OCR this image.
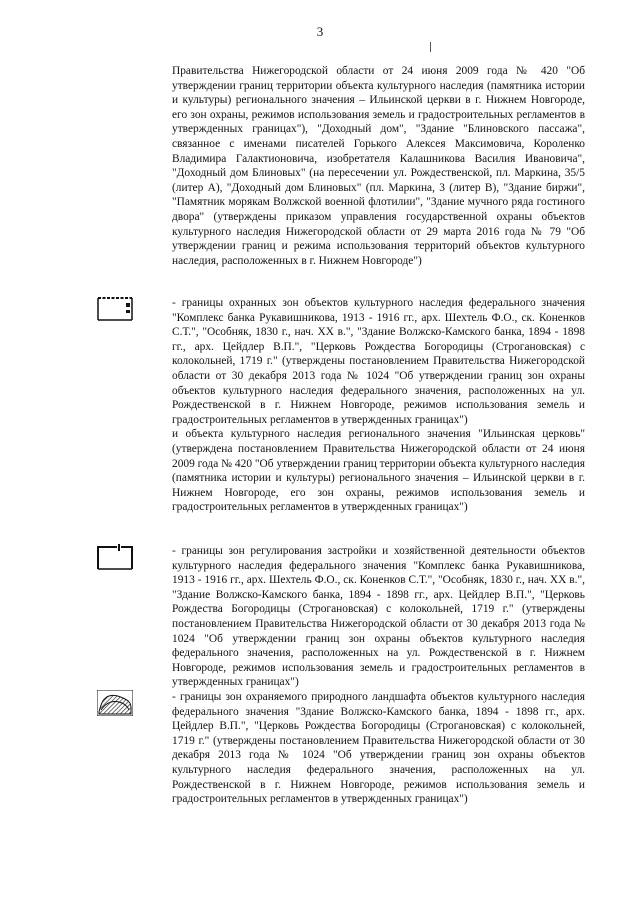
3

Правительства Нижегородской области от 24 июня 2009 года № 420 "Об утверждении границ территории объекта культурного наследия (памятника истории и культуры) регионального значения – Ильинской церкви в г. Нижнем Новгороде, его зон охраны, режимов использования земель и градостроительных регламентов в утвержденных границах"), "Доходный дом", "Здание "Блиновского пассажа", связанное с именами писателей Горького Алексея Максимовича, Короленко Владимира Галактионовича, изобретателя Калашникова Василия Ивановича", "Доходный дом Блиновых" (на пересечении ул. Рождественской, пл. Маркина, 35/5 (литер А), "Доходный дом Блиновых" (пл. Маркина, 3 (литер В), "Здание биржи", "Памятник морякам Волжской военной флотилии", "Здание мучного ряда гостиного двора" (утверждены приказом управления государственной охраны объектов культурного наследия Нижегородской области от 29 марта 2016 года № 79 "Об утверждении границ и режима использования территорий объектов культурного наследия, расположенных в г. Нижнем Новгороде")

- границы охранных зон объектов культурного наследия федерального значения "Комплекс банка Рукавишникова, 1913 - 1916 гг., арх. Шехтель Ф.О., ск. Коненков С.Т.", "Особняк, 1830 г., нач. XX в.", "Здание Волжско-Камского банка, 1894 - 1898 гг., арх. Цейдлер В.П.", "Церковь Рождества Богородицы (Строгановская) с колокольней, 1719 г." (утверждены постановлением Правительства Нижегородской области от 30 декабря 2013 года № 1024 "Об утверждении границ зон охраны объектов культурного наследия федерального значения, расположенных на ул. Рождественской в г. Нижнем Новгороде, режимов использования земель и градостроительных регламентов в утвержденных границах")

и объекта культурного наследия регионального значения "Ильинская церковь" (утверждена постановлением Правительства Нижегородской области от 24 июня 2009 года № 420 "Об утверждении границ территории объекта культурного наследия (памятника истории и культуры) регионального значения – Ильинской церкви в г. Нижнем Новгороде, его зон охраны, режимов использования земель и градостроительных регламентов в утвержденных границах")

- границы зон регулирования застройки и хозяйственной деятельности объектов культурного наследия федерального значения "Комплекс банка Рукавишникова, 1913 - 1916 гг., арх. Шехтель Ф.О., ск. Коненков С.Т.", "Особняк, 1830 г., нач. XX в.", "Здание Волжско-Камского банка, 1894 - 1898 гг., арх. Цейдлер В.П.", "Церковь Рождества Богородицы (Строгановская) с колокольней, 1719 г." (утверждены постановлением Правительства Нижегородской области от 30 декабря 2013 года № 1024 "Об утверждении границ зон охраны объектов культурного наследия федерального значения, расположенных на ул. Рождественской в г. Нижнем Новгороде, режимов использования земель и градостроительных регламентов в утвержденных границах")

- границы зон охраняемого природного ландшафта объектов культурного наследия федерального значения "Здание Волжско-Камского банка, 1894 - 1898 гг., арх. Цейдлер В.П.", "Церковь Рождества Богородицы (Строгановская) с колокольней, 1719 г." (утверждены постановлением Правительства Нижегородской области от 30 декабря 2013 года № 1024 "Об утверждении границ зон охраны объектов культурного наследия федерального значения, расположенных на ул. Рождественской в г. Нижнем Новгороде, режимов использования земель и градостроительных регламентов в утвержденных границах")
